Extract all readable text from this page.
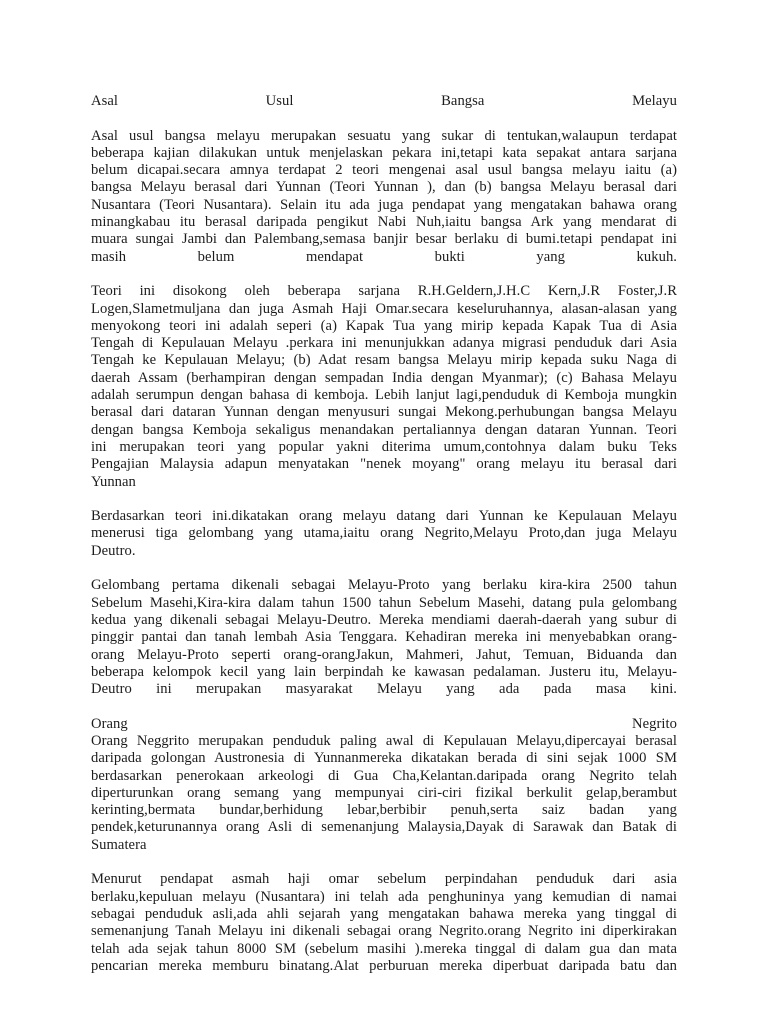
Asal Usul Bangsa Melayu
Asal usul bangsa melayu merupakan sesuatu yang sukar di tentukan,walaupun terdapat
beberapa kajian dilakukan untuk menjelaskan pekara ini,tetapi kata sepakat antara sarjana
belum dicapai.secara amnya terdapat 2 teori mengenai asal usul bangsa melayu iaitu (a)
bangsa Melayu berasal dari Yunnan (Teori Yunnan ), dan (b) bangsa Melayu berasal dari
Nusantara (Teori Nusantara). Selain itu ada juga pendapat yang mengatakan bahawa orang
minangkabau itu berasal daripada pengikut Nabi Nuh,iaitu bangsa Ark yang mendarat di
muara sungai Jambi dan Palembang,semasa banjir besar berlaku di bumi.tetapi pendapat ini
masih belum mendapat bukti yang kukuh.
Teori ini disokong oleh beberapa sarjana R.H.Geldern,J.H.C Kern,J.R Foster,J.R
Logen,Slametmuljana dan juga Asmah Haji Omar.secara keseluruhannya, alasan-alasan yang
menyokong teori ini adalah seperi (a) Kapak Tua yang mirip kepada Kapak Tua di Asia
Tengah di Kepulauan Melayu .perkara ini menunjukkan adanya migrasi penduduk dari Asia
Tengah ke Kepulauan Melayu; (b) Adat resam bangsa Melayu mirip kepada suku Naga di
daerah Assam (berhampiran dengan sempadan India dengan Myanmar); (c) Bahasa Melayu
adalah serumpun dengan bahasa di kemboja. Lebih lanjut lagi,penduduk di Kemboja mungkin
berasal dari dataran Yunnan dengan menyusuri sungai Mekong.perhubungan bangsa Melayu
dengan bangsa Kemboja sekaligus menandakan pertaliannya dengan dataran Yunnan. Teori
ini merupakan teori yang popular yakni diterima umum,contohnya dalam buku Teks
Pengajian Malaysia adapun menyatakan "nenek moyang" orang melayu itu berasal dari
Yunnan
Berdasarkan teori ini.dikatakan orang melayu datang dari Yunnan ke Kepulauan Melayu
menerusi tiga gelombang yang utama,iaitu orang Negrito,Melayu Proto,dan juga Melayu
Deutro.
Gelombang pertama dikenali sebagai Melayu-Proto yang berlaku kira-kira 2500 tahun
Sebelum Masehi,Kira-kira dalam tahun 1500 tahun Sebelum Masehi, datang pula gelombang
kedua yang dikenali sebagai Melayu-Deutro. Mereka mendiami daerah-daerah yang subur di
pinggir pantai dan tanah lembah Asia Tenggara. Kehadiran mereka ini menyebabkan orang-
orang Melayu-Proto seperti orang-orangJakun, Mahmeri, Jahut, Temuan, Biduanda dan
beberapa kelompok kecil yang lain berpindah ke kawasan pedalaman. Justeru itu, Melayu-
Deutro ini merupakan masyarakat Melayu yang ada pada masa kini.
Orang Negrito
Orang Neggrito merupakan penduduk paling awal di Kepulauan Melayu,dipercayai berasal
daripada golongan Austronesia di Yunnanmereka dikatakan berada di sini sejak 1000 SM
berdasarkan penerokaan arkeologi di Gua Cha,Kelantan.daripada orang Negrito telah
diperturunkan orang semang yang mempunyai ciri-ciri fizikal berkulit gelap,berambut
kerinting,bermata bundar,berhidung lebar,berbibir penuh,serta saiz badan yang
pendek,keturunannya orang Asli di semenanjung Malaysia,Dayak di Sarawak dan Batak di
Sumatera
Menurut pendapat asmah haji omar sebelum perpindahan penduduk dari asia
berlaku,kepuluan melayu (Nusantara) ini telah ada penghuninya yang kemudian di namai
sebagai penduduk asli,ada ahli sejarah yang mengatakan bahawa mereka yang tinggal di
semenanjung Tanah Melayu ini dikenali sebagai orang Negrito.orang Negrito ini diperkirakan
telah ada sejak tahun 8000 SM (sebelum masihi ).mereka tinggal di dalam gua dan mata
pencarian mereka memburu binatang.Alat perburuan mereka diperbuat daripada batu dan
